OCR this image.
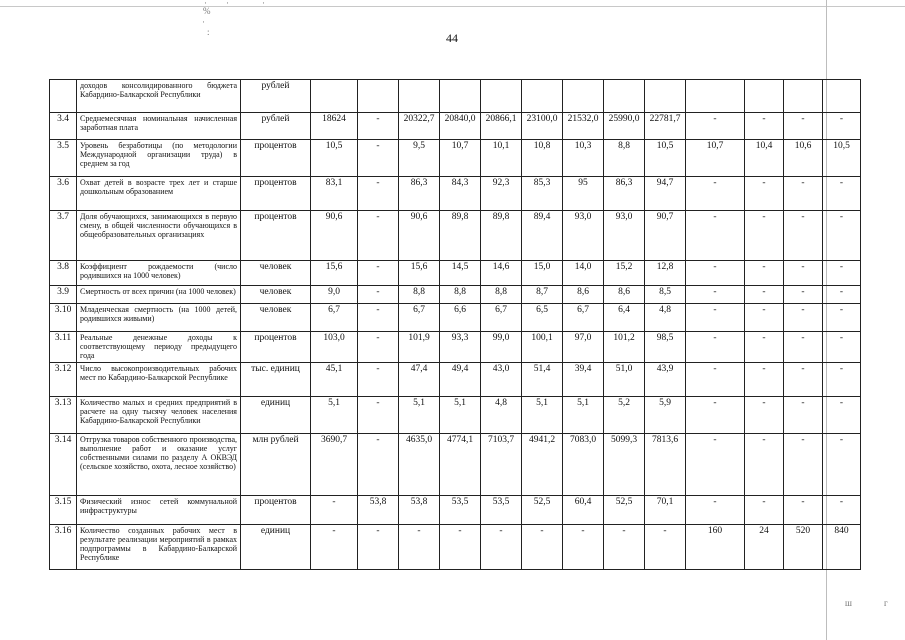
·
%
·
:
·
·
ш	г
44
	доходов консолидированного бюджета Кабардино-Балкарской Республики	рублей													
3.4	Среднемесячная номинальная начисленная заработная плата	рублей	18624	-	20322,7	20840,0	20866,1	23100,0	21532,0	25990,0	22781,7	-	-	-	-
3.5	Уровень безработицы (по методологии Международной организации труда) в среднем за год	процентов	10,5	-	9,5	10,7	10,1	10,8	10,3	8,8	10,5	10,7	10,4	10,6	10,5
3.6	Охват детей в возрасте трех лет и старше дошкольным образованием	процентов	83,1	-	86,3	84,3	92,3	85,3	95	86,3	94,7	-	-	-	-
3.7	Доля обучающихся, занимающихся в первую смену, в общей численности обучающихся в общеобразовательных организациях	процентов	90,6	-	90,6	89,8	89,8	89,4	93,0	93,0	90,7	-	-	-	-
3.8	Коэффициент рождаемости (число родившихся на 1000 человек)	человек	15,6	-	15,6	14,5	14,6	15,0	14,0	15,2	12,8	-	-	-	-
3.9	Смертность от всех причин (на 1000 человек)	человек	9,0	-	8,8	8,8	8,8	8,7	8,6	8,6	8,5	-	-	-	-
3.10	Младенческая смертность (на 1000 детей, родившихся живыми)	человек	6,7	-	6,7	6,6	6,7	6,5	6,7	6,4	4,8	-	-	-	-
3.11	Реальные денежные доходы к соответствующему периоду предыдущего года	процентов	103,0	-	101,9	93,3	99,0	100,1	97,0	101,2	98,5	-	-	-	-
3.12	Число высокопроизводительных рабочих мест по Кабардино-Балкарской Республике	тыс. единиц	45,1	-	47,4	49,4	43,0	51,4	39,4	51,0	43,9	-	-	-	-
3.13	Количество малых и средних предприятий в расчете на одну тысячу человек населения Кабардино-Балкарской Республики	единиц	5,1	-	5,1	5,1	4,8	5,1	5,1	5,2	5,9	-	-	-	-
3.14	Отгрузка товаров собственного производства, выполнение работ и оказание услуг собственными силами по разделу А ОКВЭД (сельское хозяйство, охота, лесное хозяйство)	млн рублей	3690,7	-	4635,0	4774,1	7103,7	4941,2	7083,0	5099,3	7813,6	-	-	-	-
3.15	Физический износ сетей коммунальной инфраструктуры	процентов	-	53,8	53,8	53,5	53,5	52,5	60,4	52,5	70,1	-	-	-	-
3.16	Количество созданных рабочих мест в результате реализации мероприятий в рамках подпрограммы в Кабардино-Балкарской Республике	единиц	-	-	-	-	-	-	-	-	-	160	24	520	840
